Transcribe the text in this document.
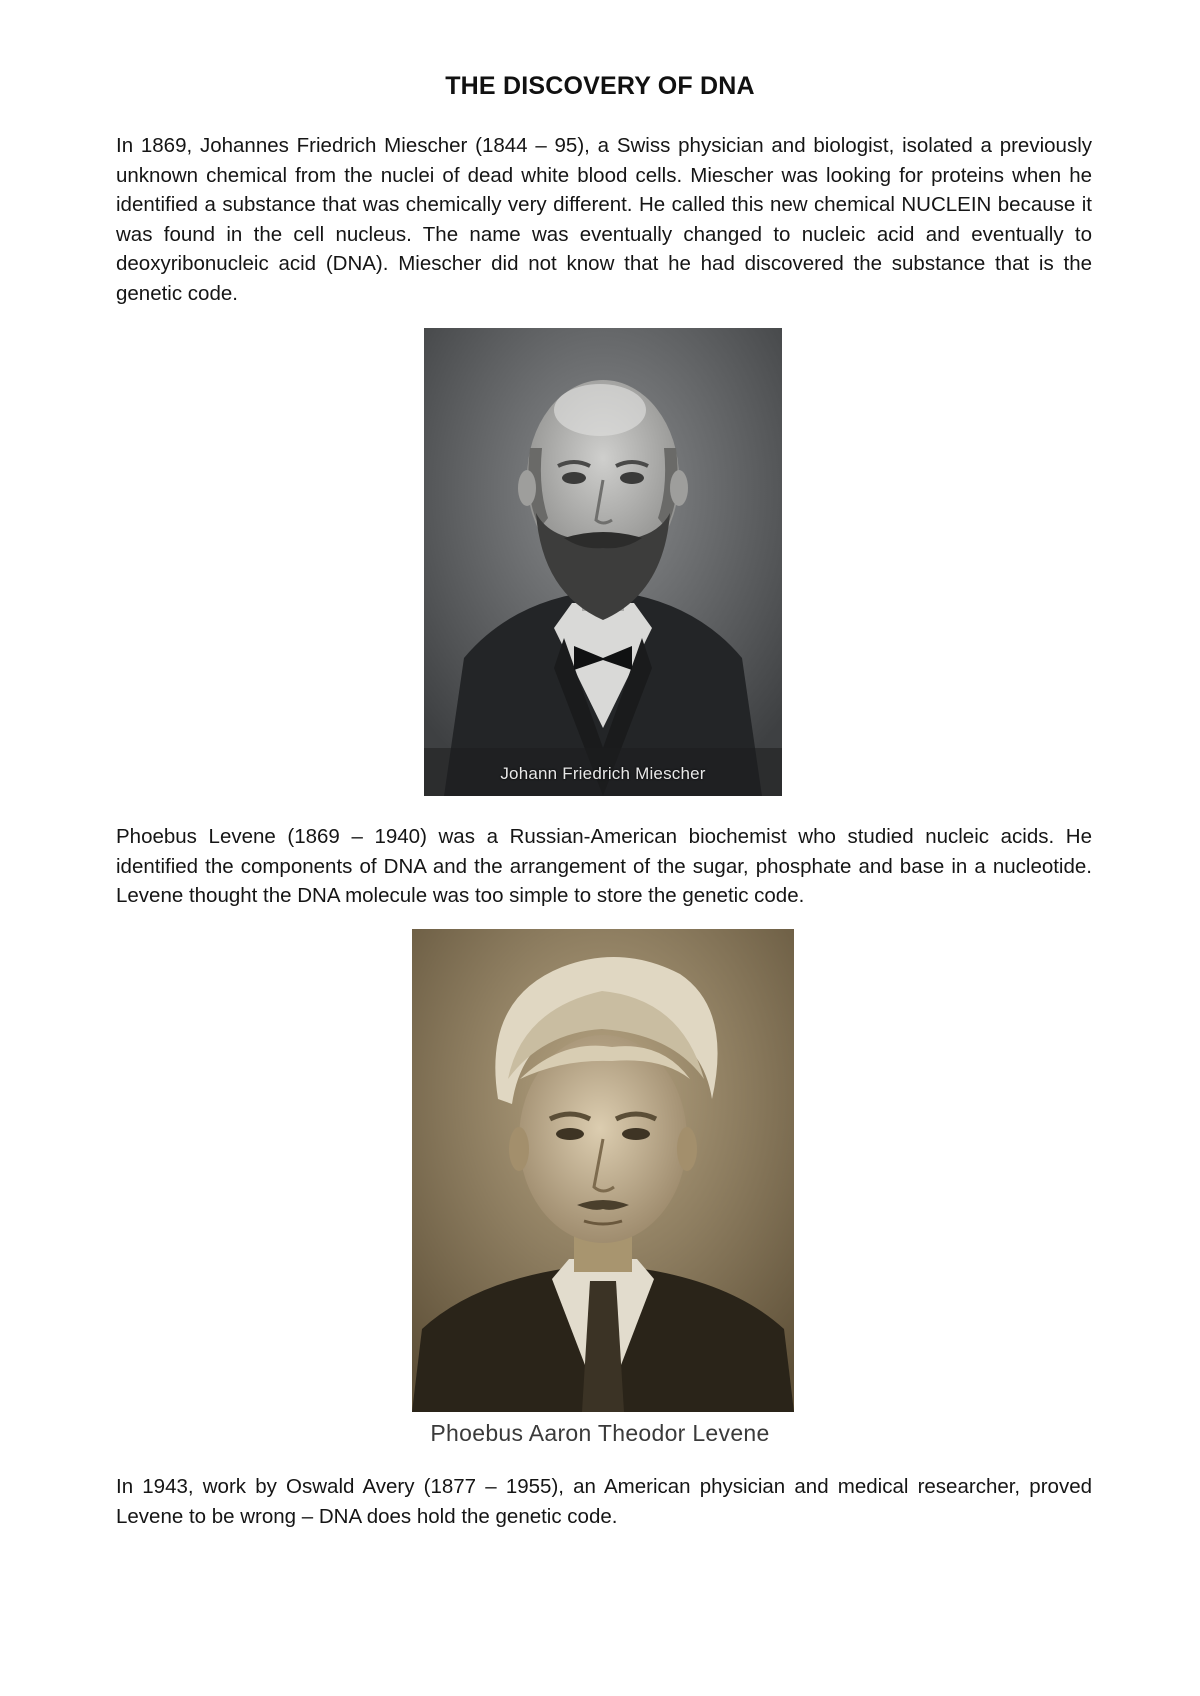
THE DISCOVERY OF DNA

In 1869, Johannes Friedrich Miescher (1844 – 95), a Swiss physician and biologist, isolated a previously unknown chemical from the nuclei of dead white blood cells. Miescher was looking for proteins when he identified a substance that was chemically very different. He called this new chemical NUCLEIN because it was found in the cell nucleus. The name was eventually changed to nucleic acid and eventually to deoxyribonucleic acid (DNA). Miescher did not know that he had discovered the substance that is the genetic code.

Johann Friedrich Miescher

Phoebus Levene (1869 – 1940) was a Russian-American biochemist who studied nucleic acids. He identified the components of DNA and the arrangement of the sugar, phosphate and base in a nucleotide. Levene thought the DNA molecule was too simple to store the genetic code.

Phoebus Aaron Theodor Levene

In 1943, work by Oswald Avery (1877 – 1955), an American physician and medical researcher, proved Levene to be wrong – DNA does hold the genetic code.
